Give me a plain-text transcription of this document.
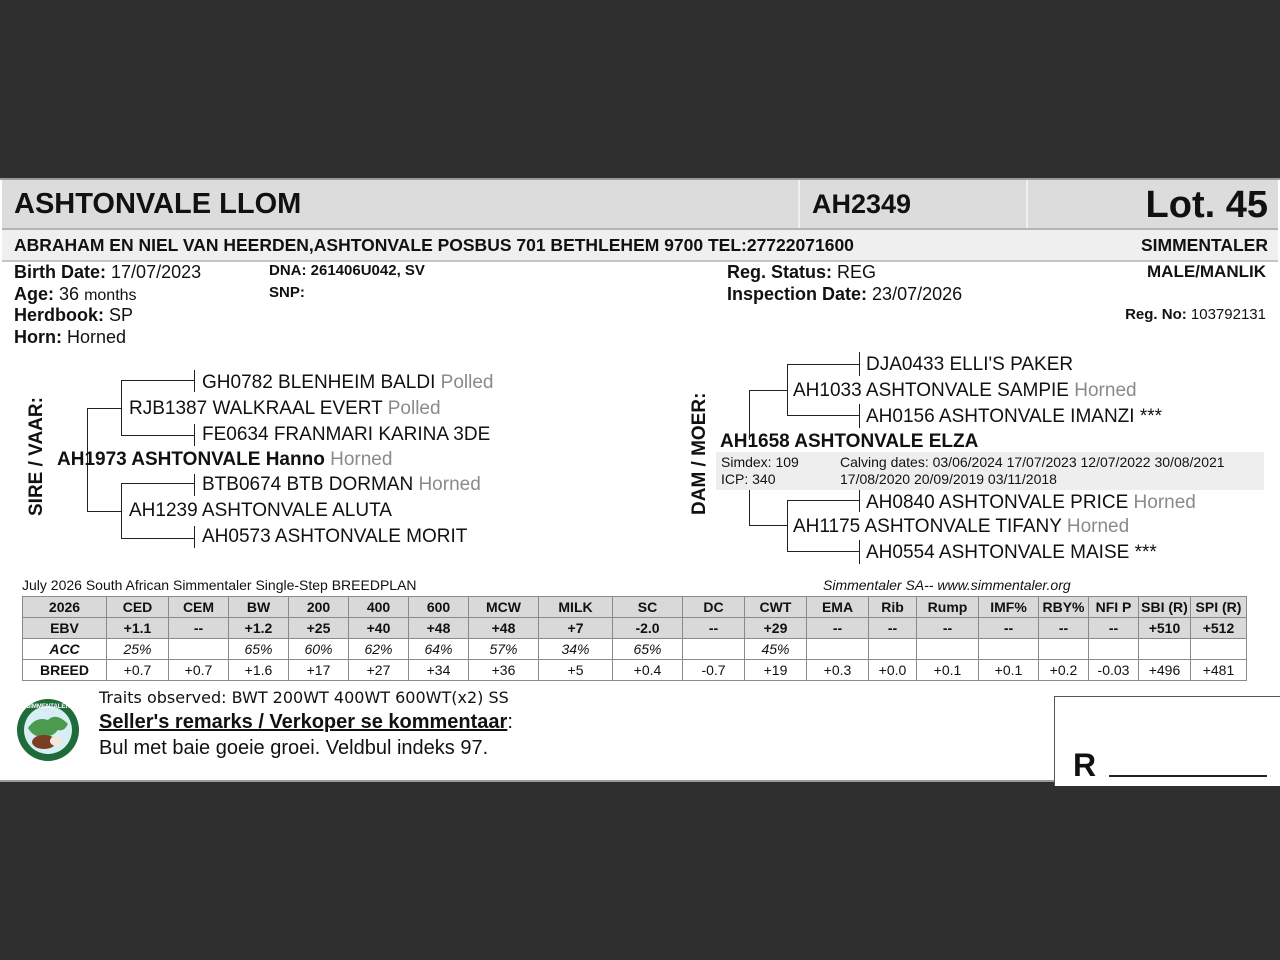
ASHTONVALE LLOM	AH2349	Lot. 45
ABRAHAM EN NIEL VAN HEERDEN,ASHTONVALE POSBUS 701 BETHLEHEM 9700 TEL:27722071600	SIMMENTALER
Birth Date: 17/07/2023
Age: 36 months
Herdbook: SP
Horn: Horned
DNA: 261406U042, SV
SNP:
Reg. Status: REG
Inspection Date: 23/07/2026
MALE/MANLIK
Reg. No: 103792131
SIRE / VAAR:
GH0782 BLENHEIM BALDI Polled
RJB1387 WALKRAAL EVERT Polled
FE0634 FRANMARI KARINA 3DE
AH1973 ASHTONVALE Hanno Horned
BTB0674 BTB DORMAN Horned
AH1239 ASHTONVALE ALUTA
AH0573 ASHTONVALE MORIT
DAM / MOER:
DJA0433 ELLI'S PAKER
AH1033 ASHTONVALE SAMPIE Horned
AH0156 ASHTONVALE IMANZI ***
AH1658 ASHTONVALE ELZA
Simdex: 109
ICP: 340
Calving dates: 03/06/2024 17/07/2023 12/07/2022 30/08/2021
17/08/2020 20/09/2019 03/11/2018
AH0840 ASHTONVALE PRICE Horned
AH1175 ASHTONVALE TIFANY Horned
AH0554 ASHTONVALE MAISE ***
July 2026 South African Simmentaler Single-Step BREEDPLAN	Simmentaler SA-- www.simmentaler.org
2026	CED	CEM	BW	200	400	600	MCW	MILK	SC	DC	CWT	EMA	Rib	Rump	IMF%	RBY%	NFI P	SBI (R)	SPI (R)
EBV	+1.1	--	+1.2	+25	+40	+48	+48	+7	-2.0	--	+29	--	--	--	--	--	--	+510	+512
ACC	25%		65%	60%	62%	64%	57%	34%	65%		45%								
BREED	+0.7	+0.7	+1.6	+17	+27	+34	+36	+5	+0.4	-0.7	+19	+0.3	+0.0	+0.1	+0.1	+0.2	-0.03	+496	+481
SIMMENTALER Traits observed: BWT 200WT 400WT 600WT(x2) SS
Seller's remarks / Verkoper se kommentaar:
Bul met baie goeie groei. Veldbul indeks 97.	R
